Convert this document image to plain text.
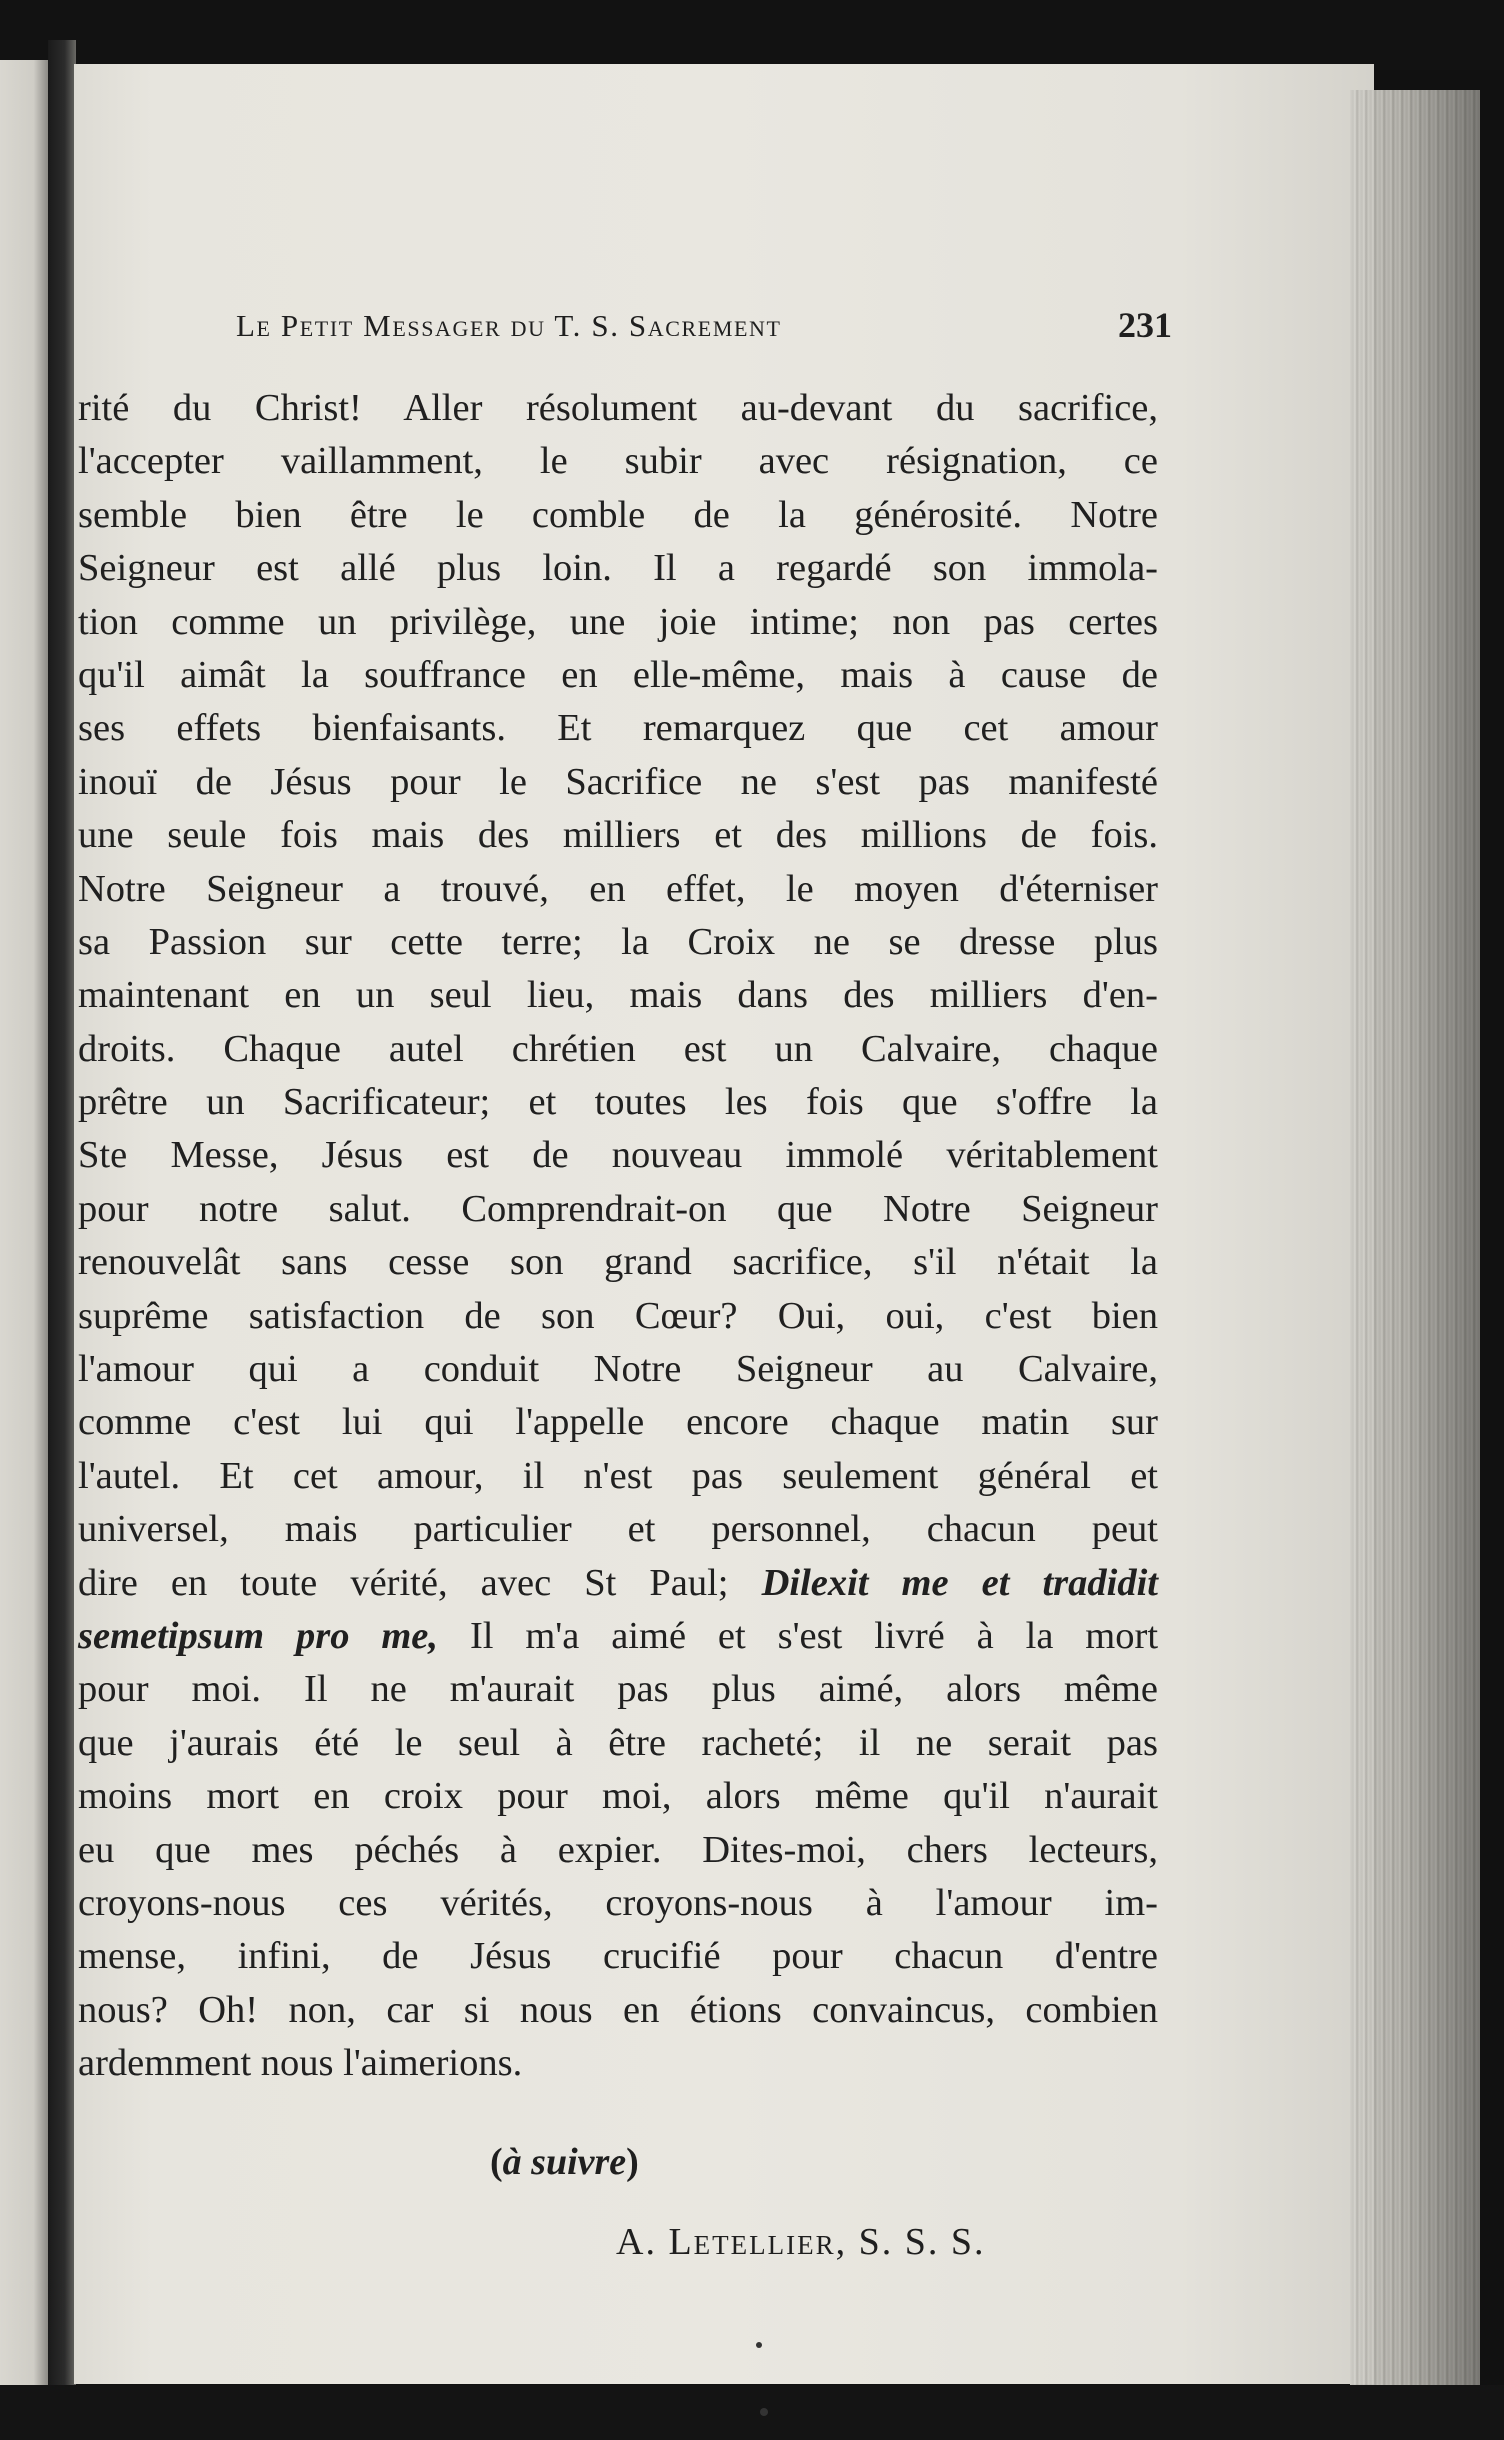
Le Petit Messager du T. S. Sacrement	231
rité du Christ! Aller résolument au-devant du sacrifice,
l'accepter vaillamment, le subir avec résignation, ce
semble bien être le comble de la générosité. Notre
Seigneur est allé plus loin. Il a regardé son immola-
tion comme un privilège, une joie intime; non pas certes
qu'il aimât la souffrance en elle-même, mais à cause de
ses effets bienfaisants. Et remarquez que cet amour
inouï de Jésus pour le Sacrifice ne s'est pas manifesté
une seule fois mais des milliers et des millions de fois.
Notre Seigneur a trouvé, en effet, le moyen d'éterniser
sa Passion sur cette terre; la Croix ne se dresse plus
maintenant en un seul lieu, mais dans des milliers d'en-
droits. Chaque autel chrétien est un Calvaire, chaque
prêtre un Sacrificateur; et toutes les fois que s'offre la
Ste Messe, Jésus est de nouveau immolé véritablement
pour notre salut. Comprendrait-on que Notre Seigneur
renouvelât sans cesse son grand sacrifice, s'il n'était la
suprême satisfaction de son Cœur? Oui, oui, c'est bien
l'amour qui a conduit Notre Seigneur au Calvaire,
comme c'est lui qui l'appelle encore chaque matin sur
l'autel. Et cet amour, il n'est pas seulement général et
universel, mais particulier et personnel, chacun peut
dire en toute vérité, avec St Paul; Dilexit me et tradidit
semetipsum pro me, Il m'a aimé et s'est livré à la mort
pour moi. Il ne m'aurait pas plus aimé, alors même
que j'aurais été le seul à être racheté; il ne serait pas
moins mort en croix pour moi, alors même qu'il n'aurait
eu que mes péchés à expier. Dites-moi, chers lecteurs,
croyons-nous ces vérités, croyons-nous à l'amour im-
mense, infini, de Jésus crucifié pour chacun d'entre
nous? Oh! non, car si nous en étions convaincus, combien
ardemment nous l'aimerions.
(à suivre)
A. Letellier, S. S. S.
